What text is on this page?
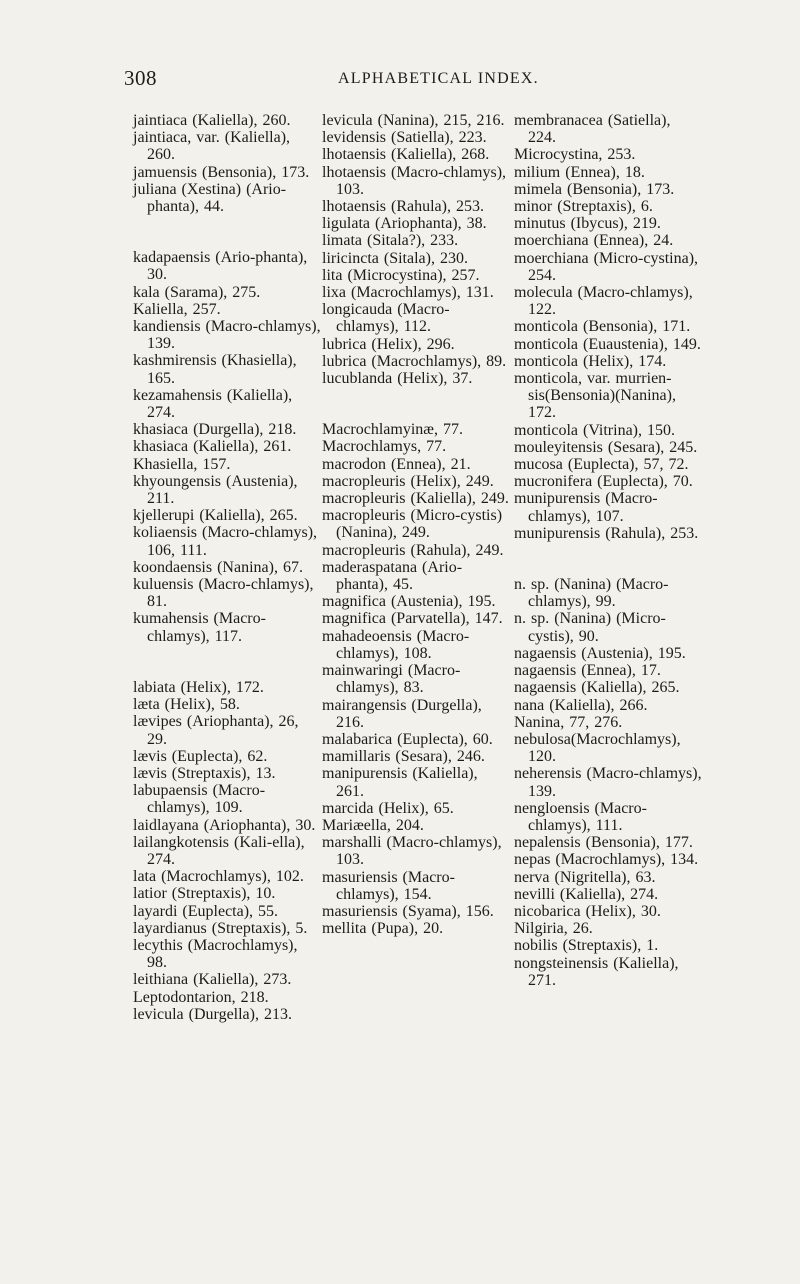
308	ALPHABETICAL INDEX.

jaintiaca (Kaliella), 260.

jaintiaca, var. (Kaliella), 260.

jamuensis (Bensonia), 173.

juliana (Xestina) (Ario-phanta), 44.

kadapaensis (Ario-phanta), 30.

kala (Sarama), 275.

Kaliella, 257.

kandiensis (Macro-chlamys), 139.

kashmirensis (Khasiella), 165.

kezamahensis (Kaliella), 274.

khasiaca (Durgella), 218.

khasiaca (Kaliella), 261.

Khasiella, 157.

khyoungensis (Austenia), 211.

kjellerupi (Kaliella), 265.

koliaensis (Macro-chlamys), 106, 111.

koondaensis (Nanina), 67.

kuluensis (Macro-chlamys), 81.

kumahensis (Macro-chlamys), 117.

labiata (Helix), 172.

læta (Helix), 58.

lævipes (Ariophanta), 26, 29.

lævis (Euplecta), 62.

lævis (Streptaxis), 13.

labupaensis (Macro-chlamys), 109.

laidlayana (Ariophanta), 30.

lailangkotensis (Kali-ella), 274.

lata (Macrochlamys), 102.

latior (Streptaxis), 10.

layardi (Euplecta), 55.

layardianus (Streptaxis), 5.

lecythis (Macrochlamys), 98.

leithiana (Kaliella), 273.

Leptodontarion, 218.

levicula (Durgella), 213.

levicula (Nanina), 215, 216.

levidensis (Satiella), 223.

lhotaensis (Kaliella), 268.

lhotaensis (Macro-chlamys), 103.

lhotaensis (Rahula), 253.

ligulata (Ariophanta), 38.

limata (Sitala?), 233.

liricincta (Sitala), 230.

lita (Microcystina), 257.

lixa (Macrochlamys), 131.

longicauda (Macro-chlamys), 112.

lubrica (Helix), 296.

lubrica (Macrochlamys), 89.

lucublanda (Helix), 37.

Macrochlamyinæ, 77.

Macrochlamys, 77.

macrodon (Ennea), 21.

macropleuris (Helix), 249.

macropleuris (Kaliella), 249.

macropleuris (Micro-cystis) (Nanina), 249.

macropleuris (Rahula), 249.

maderaspatana (Ario-phanta), 45.

magnifica (Austenia), 195.

magnifica (Parvatella), 147.

mahadeoensis (Macro-chlamys), 108.

mainwaringi (Macro-chlamys), 83.

mairangensis (Durgella), 216.

malabarica (Euplecta), 60.

mamillaris (Sesara), 246.

manipurensis (Kaliella), 261.

marcida (Helix), 65.

Mariæella, 204.

marshalli (Macro-chlamys), 103.

masuriensis (Macro-chlamys), 154.

masuriensis (Syama), 156.

mellita (Pupa), 20.

membranacea (Satiella), 224.

Microcystina, 253.

milium (Ennea), 18.

mimela (Bensonia), 173.

minor (Streptaxis), 6.

minutus (Ibycus), 219.

moerchiana (Ennea), 24.

moerchiana (Micro-cystina), 254.

molecula (Macro-chlamys), 122.

monticola (Bensonia), 171.

monticola (Euaustenia), 149.

monticola (Helix), 174.

monticola, var. murrien-sis(Bensonia)(Nanina), 172.

monticola (Vitrina), 150.

mouleyitensis (Sesara), 245.

mucosa (Euplecta), 57, 72.

mucronifera (Euplecta), 70.

munipurensis (Macro-chlamys), 107.

munipurensis (Rahula), 253.

n. sp. (Nanina) (Macro-chlamys), 99.

n. sp. (Nanina) (Micro-cystis), 90.

nagaensis (Austenia), 195.

nagaensis (Ennea), 17.

nagaensis (Kaliella), 265.

nana (Kaliella), 266.

Nanina, 77, 276.

nebulosa(Macrochlamys), 120.

neherensis (Macro-chlamys), 139.

nengloensis (Macro-chlamys), 111.

nepalensis (Bensonia), 177.

nepas (Macrochlamys), 134.

nerva (Nigritella), 63.

nevilli (Kaliella), 274.

nicobarica (Helix), 30.

Nilgiria, 26.

nobilis (Streptaxis), 1.

nongsteinensis (Kaliella), 271.
